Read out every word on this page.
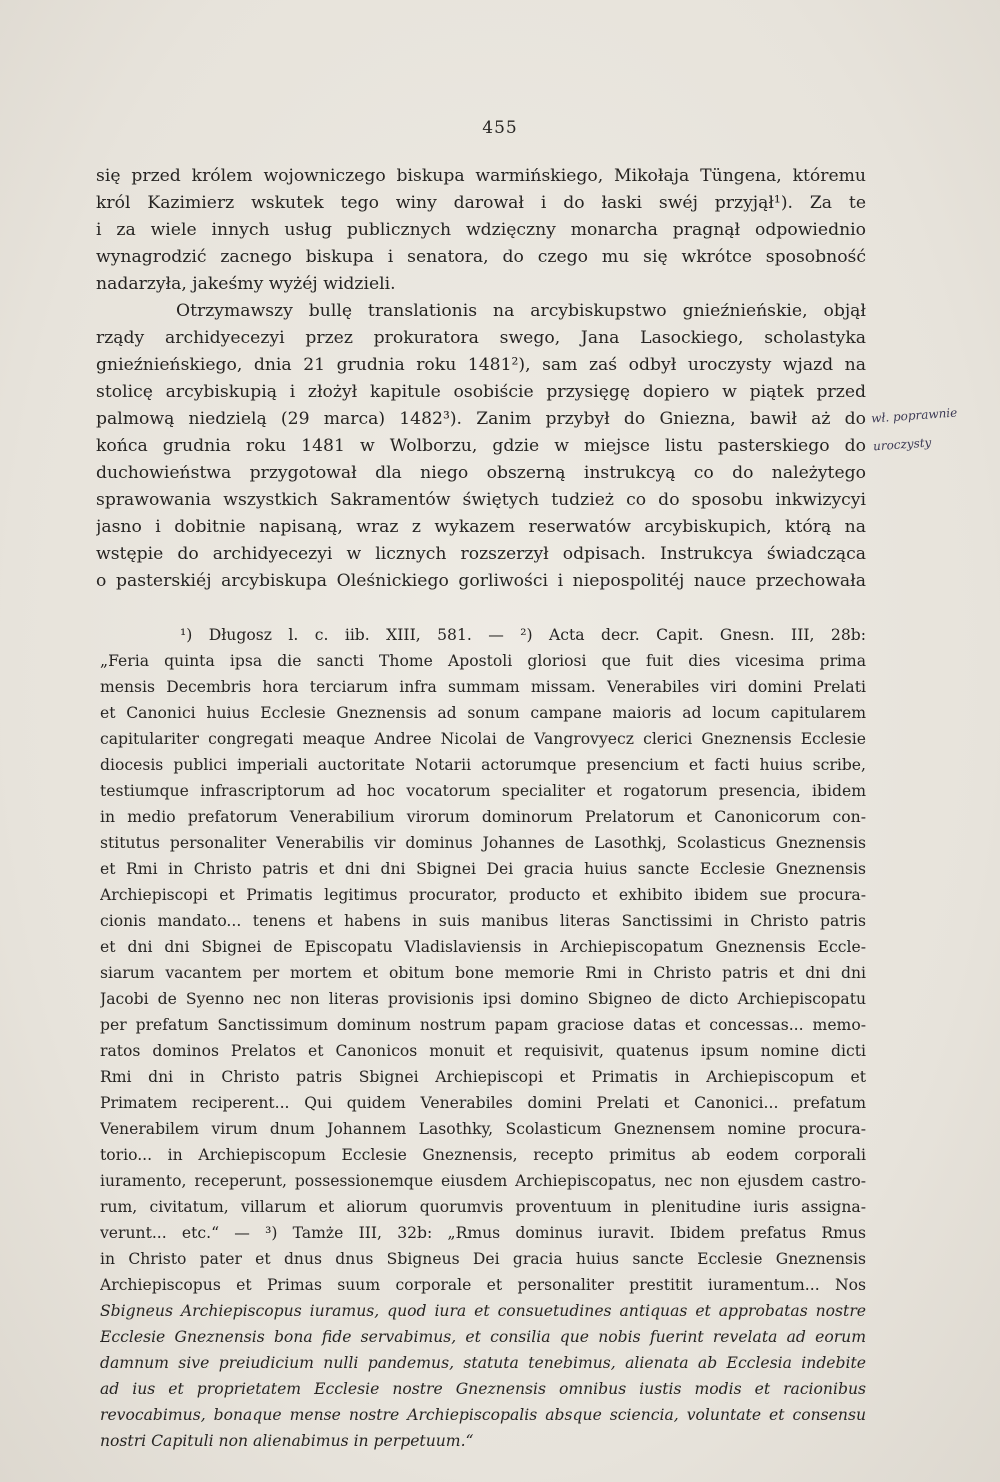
455
się przed królem wojowniczego biskupa warmińskiego, Mikołaja Tüngena, któremu
król Kazimierz wskutek tego winy darował i do łaski swéj przyjął¹). Za te
i za wiele innych usług publicznych wdzięczny monarcha pragnął odpowiednio
wynagrodzić zacnego biskupa i senatora, do czego mu się wkrótce sposobność
nadarzyła, jakeśmy wyżéj widzieli.
Otrzymawszy bullę translationis na arcybiskupstwo gnieźnieńskie, objął
rządy archidyecezyi przez prokuratora swego, Jana Lasockiego, scholastyka
gnieźnieńskiego, dnia 21 grudnia roku 1481²), sam zaś odbył uroczysty wjazd na
stolicę arcybiskupią i złożył kapitule osobiście przysięgę dopiero w piątek przed
palmową niedzielą (29 marca) 1482³). Zanim przybył do Gniezna, bawił aż do
końca grudnia roku 1481 w Wolborzu, gdzie w miejsce listu pasterskiego do
duchowieństwa przygotował dla niego obszerną instrukcyą co do należytego
sprawowania wszystkich Sakramentów świętych tudzież co do sposobu inkwizycyi
jasno i dobitnie napisaną, wraz z wykazem reserwatów arcybiskupich, którą na
wstępie do archidyecezyi w licznych rozszerzył odpisach. Instrukcya świadcząca
o pasterskiéj arcybiskupa Oleśnickiego gorliwości i niepospolitéj nauce przechowała
¹) Długosz l. c. iib. XIII, 581. — ²) Acta decr. Capit. Gnesn. III, 28b:
„Feria quinta ipsa die sancti Thome Apostoli gloriosi que fuit dies vicesima prima
mensis Decembris hora terciarum infra summam missam. Venerabiles viri domini Prelati
et Canonici huius Ecclesie Gneznensis ad sonum campane maioris ad locum capitularem
capitulariter congregati meaque Andree Nicolai de Vangrovyecz clerici Gneznensis Ecclesie
diocesis publici imperiali auctoritate Notarii actorumque presencium et facti huius scribe,
testiumque infrascriptorum ad hoc vocatorum specialiter et rogatorum presencia, ibidem
in medio prefatorum Venerabilium virorum dominorum Prelatorum et Canonicorum con-
stitutus personaliter Venerabilis vir dominus Johannes de Lasothkj, Scolasticus Gneznensis
et Rmi in Christo patris et dni dni Sbignei Dei gracia huius sancte Ecclesie Gneznensis
Archiepiscopi et Primatis legitimus procurator, producto et exhibito ibidem sue procura-
cionis mandato... tenens et habens in suis manibus literas Sanctissimi in Christo patris
et dni dni Sbignei de Episcopatu Vladislaviensis in Archiepiscopatum Gneznensis Eccle-
siarum vacantem per mortem et obitum bone memorie Rmi in Christo patris et dni dni
Jacobi de Syenno nec non literas provisionis ipsi domino Sbigneo de dicto Archiepiscopatu
per prefatum Sanctissimum dominum nostrum papam graciose datas et concessas... memo-
ratos dominos Prelatos et Canonicos monuit et requisivit, quatenus ipsum nomine dicti
Rmi dni in Christo patris Sbignei Archiepiscopi et Primatis in Archiepiscopum et
Primatem reciperent... Qui quidem Venerabiles domini Prelati et Canonici... prefatum
Venerabilem virum dnum Johannem Lasothky, Scolasticum Gneznensem nomine procura-
torio... in Archiepiscopum Ecclesie Gneznensis, recepto primitus ab eodem corporali
iuramento, receperunt, possessionemque eiusdem Archiepiscopatus, nec non ejusdem castro-
rum, civitatum, villarum et aliorum quorumvis proventuum in plenitudine iuris assigna-
verunt... etc.“ — ³) Tamże III, 32b: „Rmus dominus iuravit. Ibidem prefatus Rmus
in Christo pater et dnus dnus Sbigneus Dei gracia huius sancte Ecclesie Gneznensis
Archiepiscopus et Primas suum corporale et personaliter prestitit iuramentum... Nos
Sbigneus Archiepiscopus iuramus, quod iura et consuetudines antiquas et approbatas nostre
Ecclesie Gneznensis bona fide servabimus, et consilia que nobis fuerint revelata ad eorum
damnum sive preiudicium nulli pandemus, statuta tenebimus, alienata ab Ecclesia indebite
ad ius et proprietatem Ecclesie nostre Gneznensis omnibus iustis modis et racionibus
revocabimus, bonaque mense nostre Archiepiscopalis absque sciencia, voluntate et consensu
nostri Capituli non alienabimus in perpetuum.“
wł. poprawnie
uroczysty
